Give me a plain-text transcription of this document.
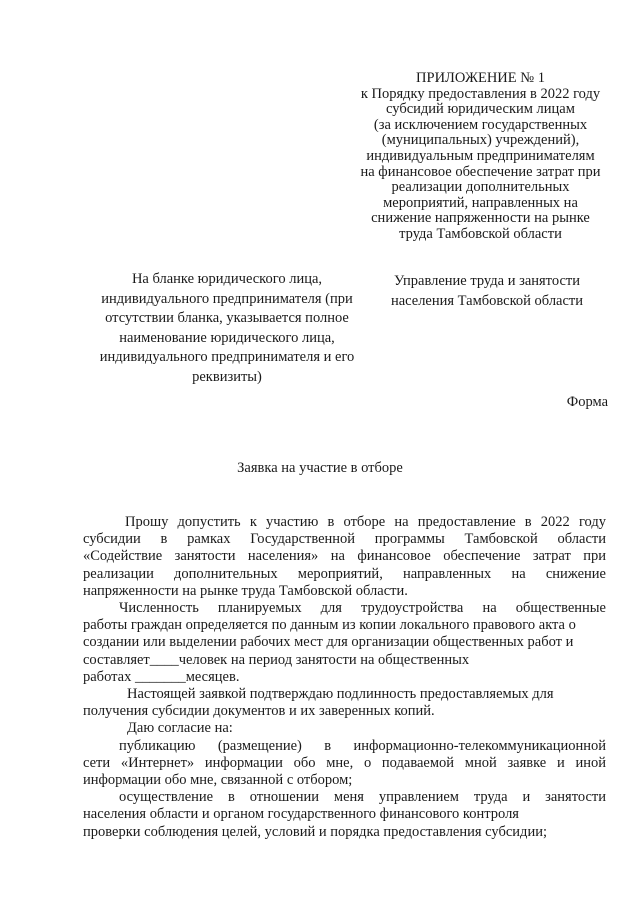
ПРИЛОЖЕНИЕ № 1
к Порядку предоставления в 2022 году
субсидий юридическим лицам
(за исключением государственных
(муниципальных) учреждений),
индивидуальным предпринимателям
на финансовое обеспечение затрат при
реализации дополнительных
мероприятий, направленных на
снижение напряженности на рынке
труда Тамбовской области
На бланке юридического лица,
индивидуального предпринимателя (при
отсутствии бланка, указывается полное
наименование юридического лица,
индивидуального предпринимателя и его
реквизиты)
Управление труда и занятости
населения Тамбовской области
Форма
Заявка на участие в отборе
Прошу допустить к участию в отборе на предоставление в 2022 году
субсидии в рамках Государственной программы Тамбовской области
«Содействие занятости населения» на финансовое обеспечение затрат при
реализации дополнительных мероприятий, направленных на снижение
напряженности на рынке труда Тамбовской области.
Численность планируемых для трудоустройства на общественные
работы граждан определяется по данным из копии локального правового акта о
создании или выделении рабочих мест для организации общественных работ и
составляет____человек на период занятости на общественных
работах _______месяцев.
Настоящей заявкой подтверждаю подлинность предоставляемых для
получения субсидии документов и их заверенных копий.
Даю согласие на:
публикацию (размещение) в информационно-телекоммуникационной
сети «Интернет» информации обо мне, о подаваемой мной заявке и иной
информации обо мне, связанной с отбором;
осуществление в отношении меня управлением труда и занятости
населения области и органом государственного финансового контроля
проверки соблюдения целей, условий и порядка предоставления субсидии;
